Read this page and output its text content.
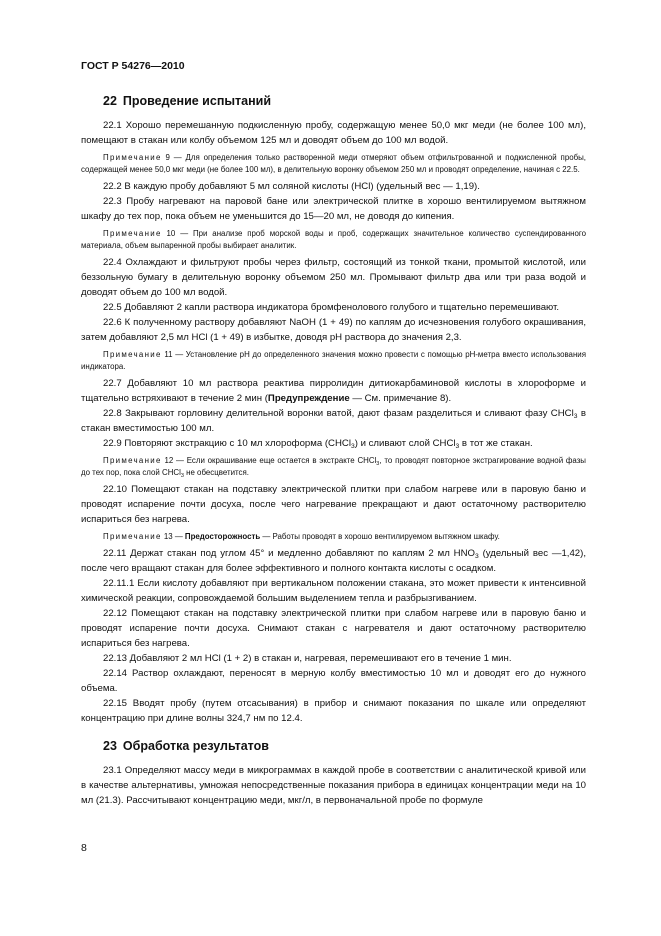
ГОСТ Р 54276—2010
22 Проведение испытаний

22.1 Хорошо перемешанную подкисленную пробу, содержащую менее 50,0 мкг меди (не более 100 мл), помещают в стакан или колбу объемом 125 мл и доводят объем до 100 мл водой.

Примечание 9 — Для определения только растворенной меди отмеряют объем отфильтрованной и подкисленной пробы, содержащей менее 50,0 мкг меди (не более 100 мл), в делительную воронку объемом 250 мл и проводят определение, начиная с 22.5.

22.2 В каждую пробу добавляют 5 мл соляной кислоты (HCl) (удельный вес — 1,19).

22.3 Пробу нагревают на паровой бане или электрической плитке в хорошо вентилируемом вытяжном шкафу до тех пор, пока объем не уменьшится до 15—20 мл, не доводя до кипения.

Примечание 10 — При анализе проб морской воды и проб, содержащих значительное количество суспендированного материала, объем выпаренной пробы выбирает аналитик.

22.4 Охлаждают и фильтруют пробы через фильтр, состоящий из тонкой ткани, промытой кислотой, или беззольную бумагу в делительную воронку объемом 250 мл. Промывают фильтр два или три раза водой и доводят объем до 100 мл водой.

22.5 Добавляют 2 капли раствора индикатора бромфенолового голубого и тщательно перемешивают.

22.6 К полученному раствору добавляют NaOH (1 + 49) по каплям до исчезновения голубого окрашивания, затем добавляют 2,5 мл HCl (1 + 49) в избытке, доводя pH раствора до значения 2,3.

Примечание 11 — Установление pH до определенного значения можно провести с помощью pH-метра вместо использования индикатора.

22.7 Добавляют 10 мл раствора реактива пирролидин дитиокарбаминовой кислоты в хлороформе и тщательно встряхивают в течение 2 мин (Предупреждение — См. примечание 8).

22.8 Закрывают горловину делительной воронки ватой, дают фазам разделиться и сливают фазу CHCl$_3$ в стакан вместимостью 100 мл.

22.9 Повторяют экстракцию с 10 мл хлороформа (CHCl$_3$) и сливают слой CHCl$_3$ в тот же стакан.

Примечание 12 — Если окрашивание еще остается в экстракте CHCl$_3$, то проводят повторное экстрагирование водной фазы до тех пор, пока слой CHCl$_3$ не обесцветится.

22.10 Помещают стакан на подставку электрической плитки при слабом нагреве или в паровую баню и проводят испарение почти досуха, после чего нагревание прекращают и дают остаточному растворителю испариться без нагрева.

Примечание 13 — Предосторожность — Работы проводят в хорошо вентилируемом вытяжном шкафу.

22.11 Держат стакан под углом 45° и медленно добавляют по каплям 2 мл $HNO_3$ (удельный вес —1,42), после чего вращают стакан для более эффективного и полного контакта кислоты с осадком.

22.11.1 Если кислоту добавляют при вертикальном положении стакана, это может привести к интенсивной химической реакции, сопровождаемой большим выделением тепла и разбрызгиванием.

22.12 Помещают стакан на подставку электрической плитки при слабом нагреве или в паровую баню и проводят испарение почти досуха. Снимают стакан с нагревателя и дают остаточному растворителю испариться без нагрева.

22.13 Добавляют 2 мл HCl (1 + 2) в стакан и, нагревая, перемешивают его в течение 1 мин.

22.14 Раствор охлаждают, переносят в мерную колбу вместимостью 10 мл и доводят его до нужного объема.

22.15 Вводят пробу (путем отсасывания) в прибор и снимают показания по шкале или определяют концентрацию при длине волны 324,7 нм по 12.4.

23 Обработка результатов

23.1 Определяют массу меди в микрограммах в каждой пробе в соответствии с аналитической кривой или в качестве альтернативы, умножая непосредственные показания прибора в единицах концентрации меди на 10 мл (21.3). Рассчитывают концентрацию меди, мкг/л, в первоначальной пробе по формуле

8
